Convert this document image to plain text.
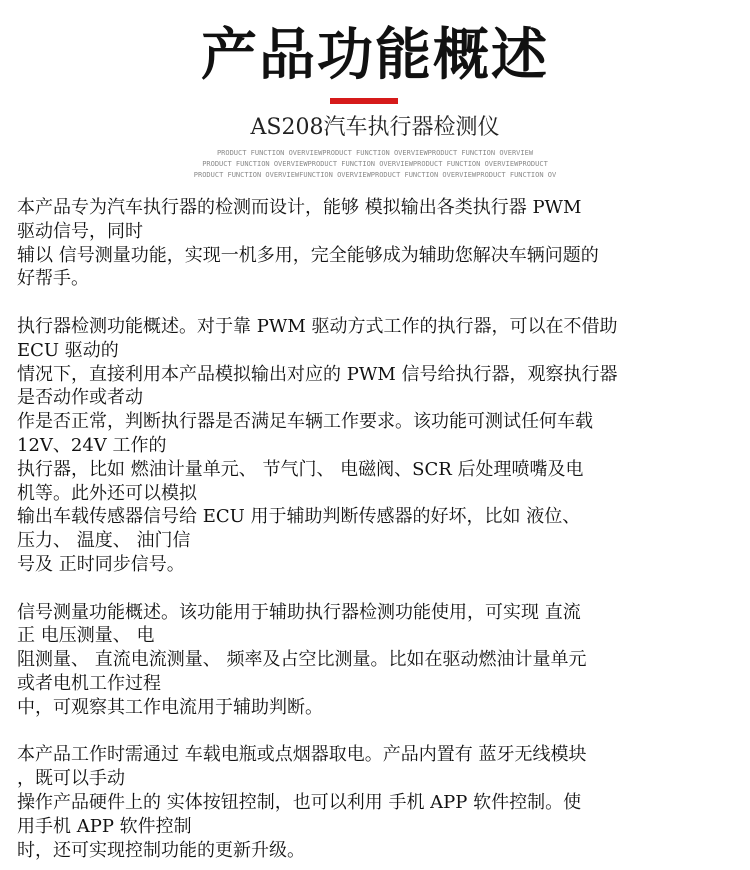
产品功能概述
AS208汽车执行器检测仪
PRODUCT FUNCTION OVERVIEWPRODUCT FUNCTION OVERVIEWPRODUCT FUNCTION OVERVIEW
PRODUCT FUNCTION OVERVIEWPRODUCT FUNCTION OVERVIEWPRODUCT FUNCTION OVERVIEWPRODUCT
PRODUCT FUNCTION OVERVIEWFUNCTION OVERVIEWPRODUCT FUNCTION OVERVIEWPRODUCT FUNCTION OV
本产品专为汽车执行器的检测而设计，能够 模拟输出各类执行器 PWM
驱动信号，同时
辅以 信号测量功能，实现一机多用，完全能够成为辅助您解决车辆问题的
好帮手。
执行器检测功能概述。对于靠 PWM 驱动方式工作的执行器，可以在不借助
ECU 驱动的
情况下，直接利用本产品模拟输出对应的 PWM 信号给执行器，观察执行器
是否动作或者动
作是否正常，判断执行器是否满足车辆工作要求。该功能可测试任何车载
12V、24V 工作的
执行器，比如 燃油计量单元、 节气门、 电磁阀、SCR 后处理喷嘴及电
机等。此外还可以模拟
输出车载传感器信号给 ECU 用于辅助判断传感器的好坏，比如 液位、
压力、 温度、 油门信
号及 正时同步信号。
信号测量功能概述。该功能用于辅助执行器检测功能使用，可实现 直流
正 电压测量、 电
阻测量、 直流电流测量、 频率及占空比测量。比如在驱动燃油计量单元
或者电机工作过程
中，可观察其工作电流用于辅助判断。
本产品工作时需通过 车载电瓶或点烟器取电。产品内置有 蓝牙无线模块
，既可以手动
操作产品硬件上的 实体按钮控制，也可以利用 手机 APP 软件控制。使
用手机 APP 软件控制
时，还可实现控制功能的更新升级。
